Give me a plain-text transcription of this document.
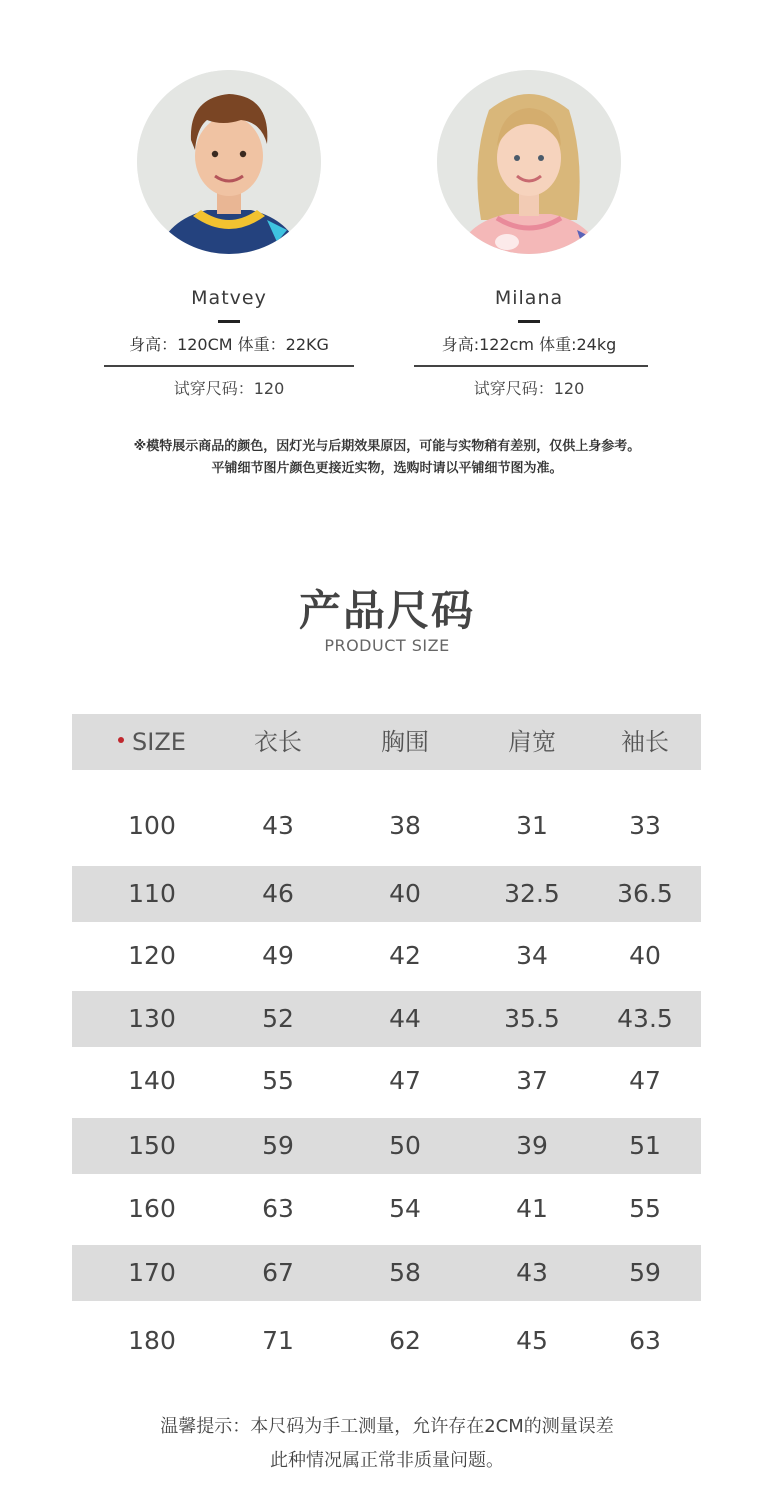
Matvey
身高：120CM 体重：22KG
试穿尺码：120
Milana
身高:122cm 体重:24kg
试穿尺码：120
※模特展示商品的颜色，因灯光与后期效果原因，可能与实物稍有差别，仅供上身参考。
平铺细节图片颜色更接近实物，选购时请以平铺细节图为准。
产品尺码
PRODUCT SIZE
SIZE	衣长	胸围	肩宽	袖长
100	43	38	31	33
110	46	40	32.5	36.5
120	49	42	34	40
130	52	44	35.5	43.5
140	55	47	37	47
150	59	50	39	51
160	63	54	41	55
170	67	58	43	59
180	71	62	45	63
温馨提示：本尺码为手工测量，允许存在2CM的测量误差
此种情况属正常非质量问题。
